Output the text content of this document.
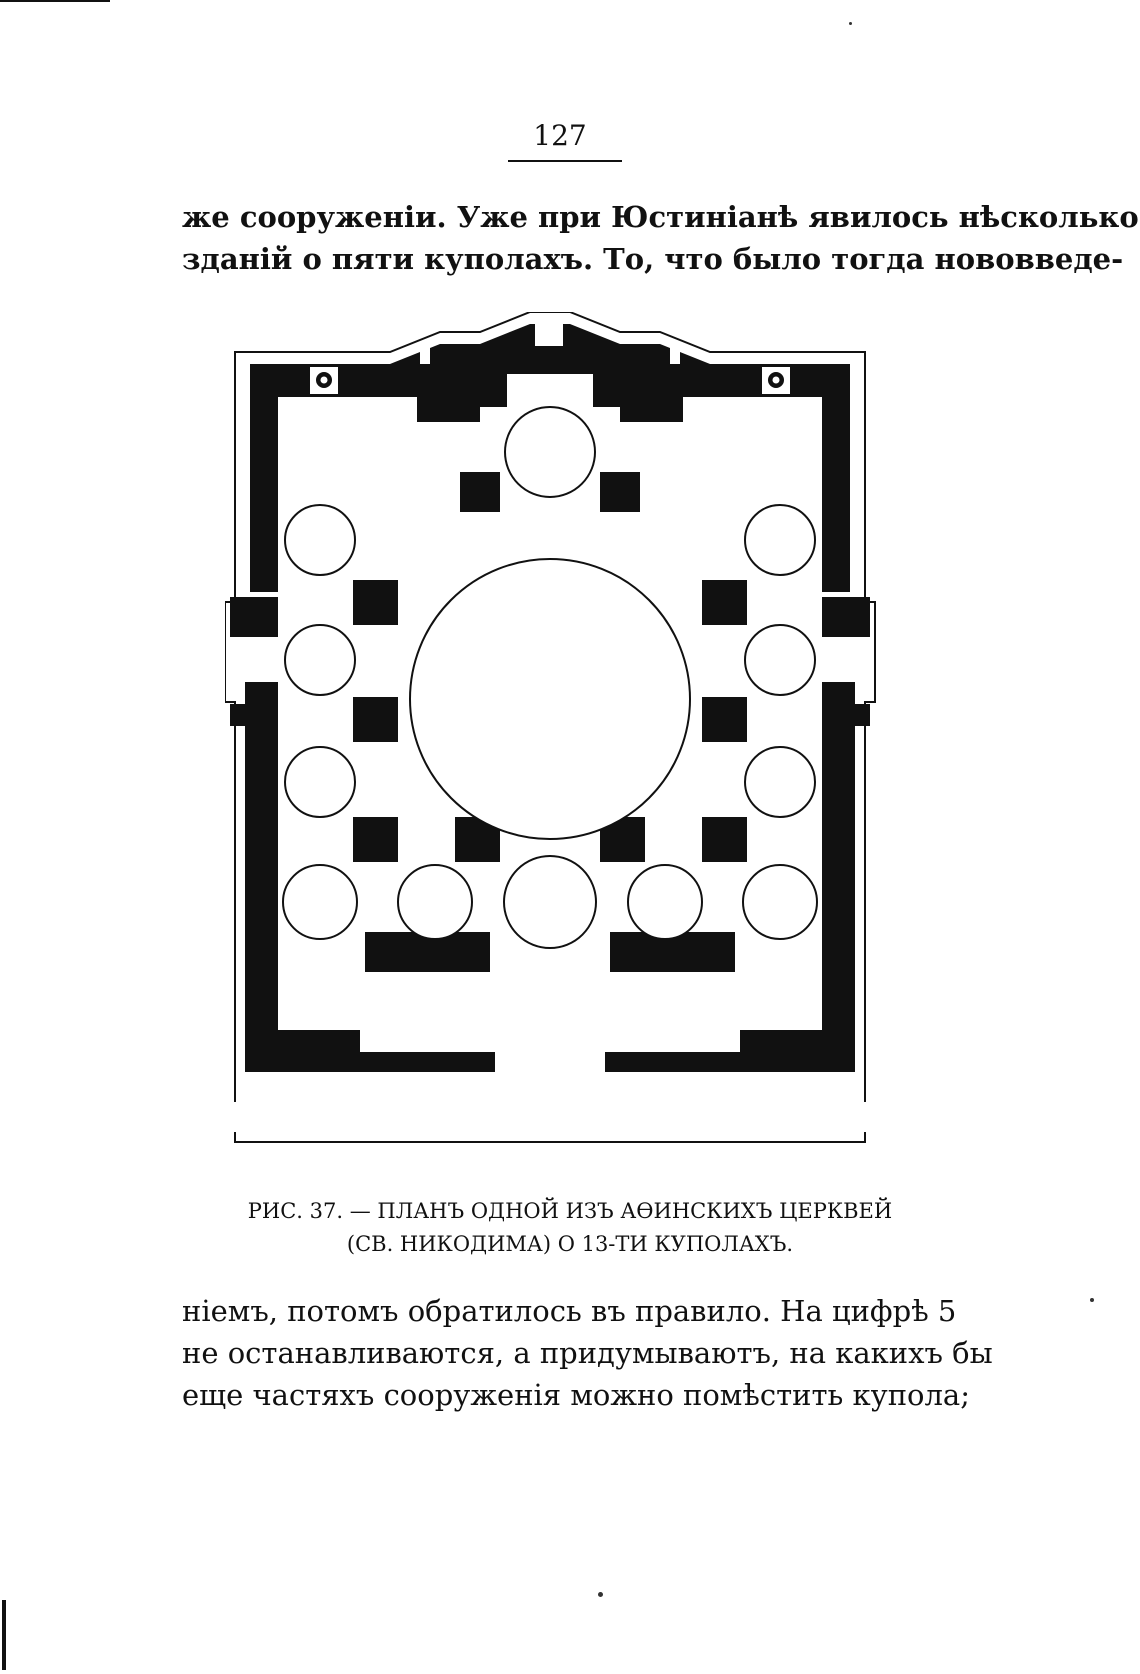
127

же сооруженiи. Уже при Юстинiанѣ явилось нѣсколько
зданiй о пяти куполахъ. То, что было тогда нововведе-

РИС. 37. — ПЛАНЪ ОДНОЙ ИЗЪ АѲИНСКИХЪ ЦЕРКВЕЙ
(СВ. НИКОДИМА) О 13-ТИ КУПОЛАХЪ.

нiемъ, потомъ обратилось въ правило. На цифрѣ 5
не останавливаются, а придумываютъ, на какихъ бы
еще частяхъ сооруженiя можно помѣстить купола;
